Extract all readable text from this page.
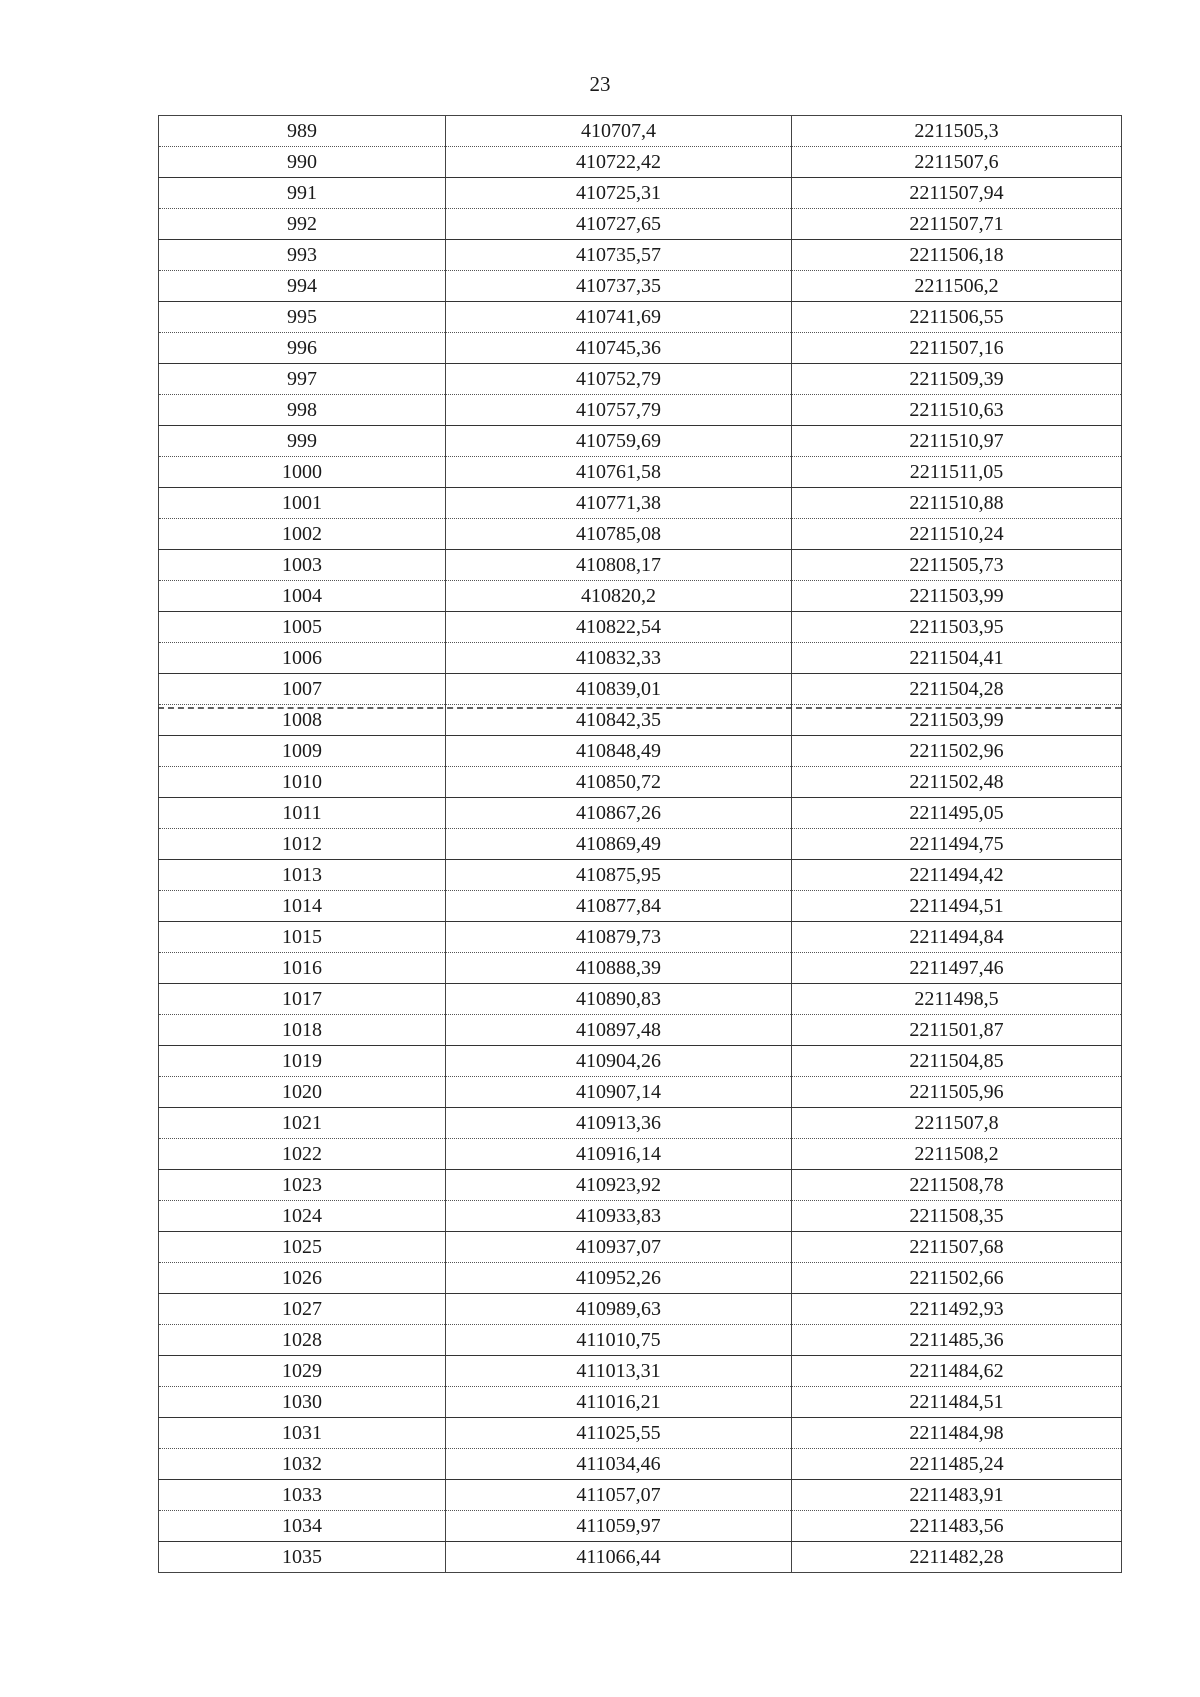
23
989	410707,4	2211505,3
990	410722,42	2211507,6
991	410725,31	2211507,94
992	410727,65	2211507,71
993	410735,57	2211506,18
994	410737,35	2211506,2
995	410741,69	2211506,55
996	410745,36	2211507,16
997	410752,79	2211509,39
998	410757,79	2211510,63
999	410759,69	2211510,97
1000	410761,58	2211511,05
1001	410771,38	2211510,88
1002	410785,08	2211510,24
1003	410808,17	2211505,73
1004	410820,2	2211503,99
1005	410822,54	2211503,95
1006	410832,33	2211504,41
1007	410839,01	2211504,28
1008	410842,35	2211503,99
1009	410848,49	2211502,96
1010	410850,72	2211502,48
1011	410867,26	2211495,05
1012	410869,49	2211494,75
1013	410875,95	2211494,42
1014	410877,84	2211494,51
1015	410879,73	2211494,84
1016	410888,39	2211497,46
1017	410890,83	2211498,5
1018	410897,48	2211501,87
1019	410904,26	2211504,85
1020	410907,14	2211505,96
1021	410913,36	2211507,8
1022	410916,14	2211508,2
1023	410923,92	2211508,78
1024	410933,83	2211508,35
1025	410937,07	2211507,68
1026	410952,26	2211502,66
1027	410989,63	2211492,93
1028	411010,75	2211485,36
1029	411013,31	2211484,62
1030	411016,21	2211484,51
1031	411025,55	2211484,98
1032	411034,46	2211485,24
1033	411057,07	2211483,91
1034	411059,97	2211483,56
1035	411066,44	2211482,28
